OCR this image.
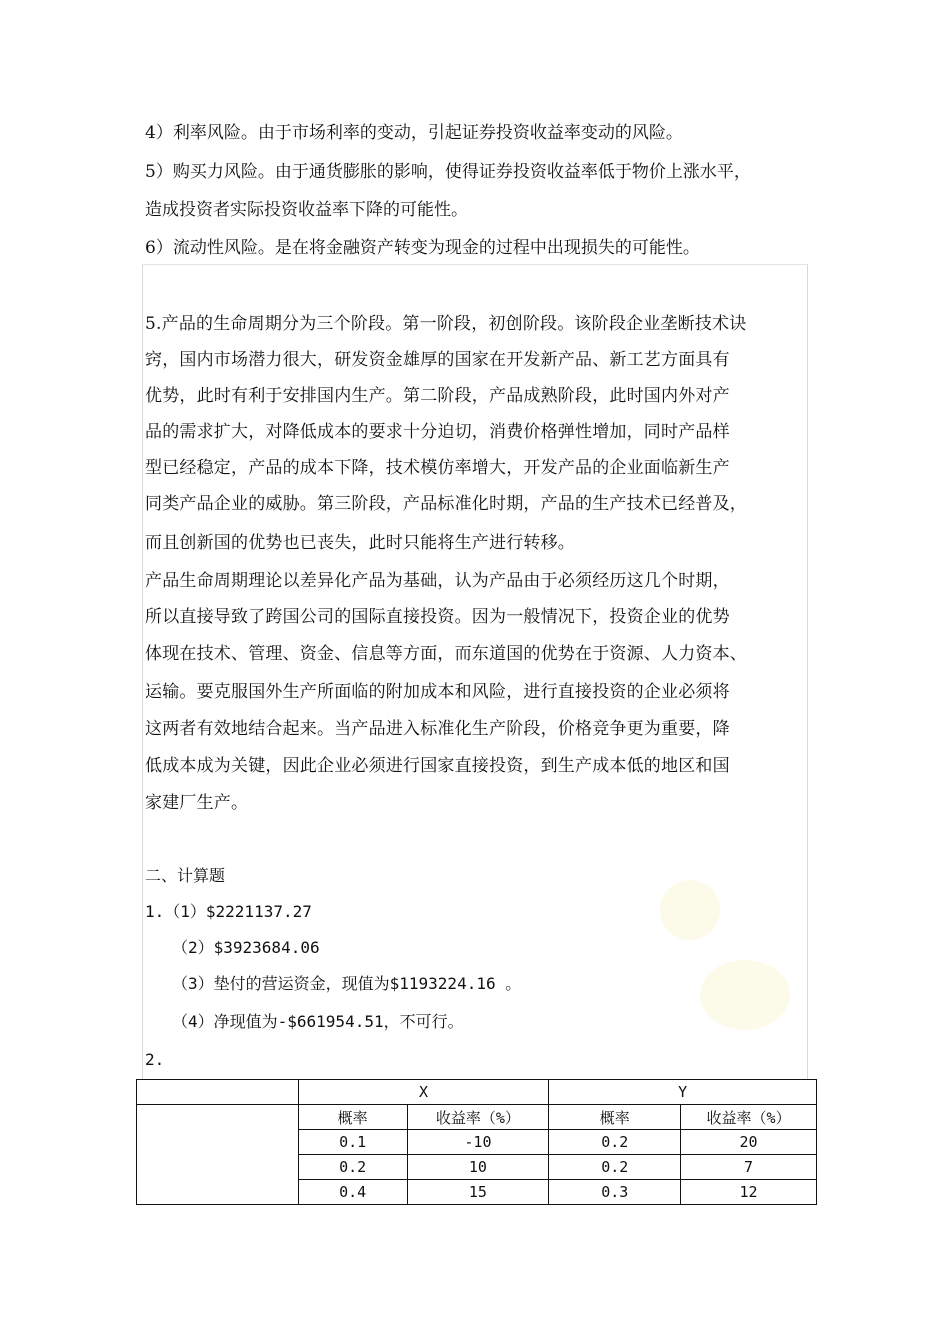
4）利率风险。由于市场利率的变动，引起证券投资收益率变动的风险。
5）购买力风险。由于通货膨胀的影响，使得证券投资收益率低于物价上涨水平，
造成投资者实际投资收益率下降的可能性。
6）流动性风险。是在将金融资产转变为现金的过程中出现损失的可能性。
5.产品的生命周期分为三个阶段。第一阶段，初创阶段。该阶段企业垄断技术诀
窍，国内市场潜力很大，研发资金雄厚的国家在开发新产品、新工艺方面具有
优势，此时有利于安排国内生产。第二阶段，产品成熟阶段，此时国内外对产
品的需求扩大，对降低成本的要求十分迫切，消费价格弹性增加，同时产品样
型已经稳定，产品的成本下降，技术模仿率增大，开发产品的企业面临新生产
同类产品企业的威胁。第三阶段，产品标准化时期，产品的生产技术已经普及，
而且创新国的优势也已丧失，此时只能将生产进行转移。
产品生命周期理论以差异化产品为基础，认为产品由于必须经历这几个时期，
所以直接导致了跨国公司的国际直接投资。因为一般情况下，投资企业的优势
体现在技术、管理、资金、信息等方面，而东道国的优势在于资源、人力资本、
运输。要克服国外生产所面临的附加成本和风险，进行直接投资的企业必须将
这两者有效地结合起来。当产品进入标准化生产阶段，价格竞争更为重要，降
低成本成为关键，因此企业必须进行国家直接投资，到生产成本低的地区和国
家建厂生产。
二、计算题
1.（1）$2221137.27
（2）$3923684.06
（3）垫付的营运资金，现值为$1193224.16 。
（4）净现值为-$661954.51，不可行。
2.
	X		Y	
	概率	收益率（%）	概率	收益率（%）
	0.1	-10	0.2	20
	0.2	10	0.2	7
	0.4	15	0.3	12
